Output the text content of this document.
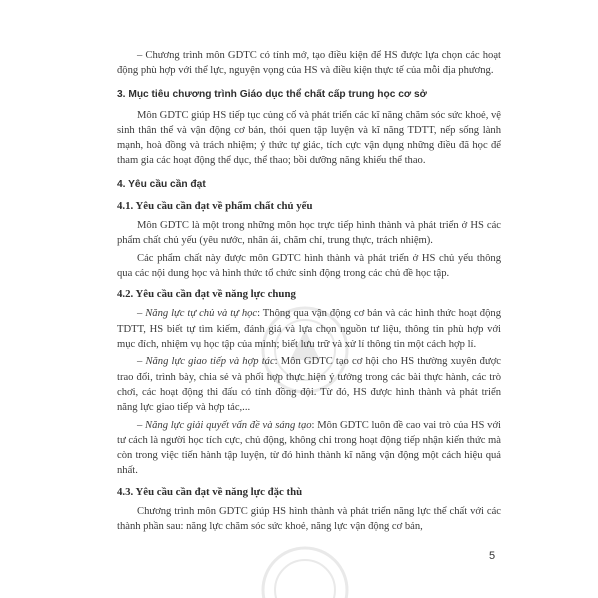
– Chương trình môn GDTC có tính mở, tạo điều kiện để HS được lựa chọn các hoạt động phù hợp với thể lực, nguyện vọng của HS và điều kiện thực tế của mỗi địa phương.

3. Mục tiêu chương trình Giáo dục thể chất cấp trung học cơ sở

Môn GDTC giúp HS tiếp tục củng cố và phát triển các kĩ năng chăm sóc sức khoẻ, vệ sinh thân thể và vận động cơ bản, thói quen tập luyện và kĩ năng TDTT, nếp sống lành mạnh, hoà đồng và trách nhiệm; ý thức tự giác, tích cực vận dụng những điều đã học để tham gia các hoạt động thể dục, thể thao; bồi dưỡng năng khiếu thể thao.

4. Yêu cầu cần đạt
4.1. Yêu cầu cần đạt về phẩm chất chủ yếu

Môn GDTC là một trong những môn học trực tiếp hình thành và phát triển ở HS các phẩm chất chủ yếu (yêu nước, nhân ái, chăm chỉ, trung thực, trách nhiệm).

Các phẩm chất này được môn GDTC hình thành và phát triển ở HS chủ yếu thông qua các nội dung học và hình thức tổ chức sinh động trong các chủ đề học tập.

4.2. Yêu cầu cần đạt về năng lực chung

– Năng lực tự chủ và tự học: Thông qua vận động cơ bản và các hình thức hoạt động TDTT, HS biết tự tìm kiếm, đánh giá và lựa chọn nguồn tư liệu, thông tin phù hợp với mục đích, nhiệm vụ học tập của mình; biết lưu trữ và xử lí thông tin một cách hợp lí.

– Năng lực giao tiếp và hợp tác: Môn GDTC tạo cơ hội cho HS thường xuyên được trao đổi, trình bày, chia sẻ và phối hợp thực hiện ý tưởng trong các bài thực hành, các trò chơi, các hoạt động thi đấu có tính đồng đội. Từ đó, HS được hình thành và phát triển năng lực giao tiếp và hợp tác,...

– Năng lực giải quyết vấn đề và sáng tạo: Môn GDTC luôn đề cao vai trò của HS với tư cách là người học tích cực, chủ động, không chỉ trong hoạt động tiếp nhận kiến thức mà còn trong việc tiến hành tập luyện, từ đó hình thành kĩ năng vận động một cách hiệu quả nhất.

4.3. Yêu cầu cần đạt về năng lực đặc thù

Chương trình môn GDTC giúp HS hình thành và phát triển năng lực thể chất với các thành phần sau: năng lực chăm sóc sức khoẻ, năng lực vận động cơ bản,

5
